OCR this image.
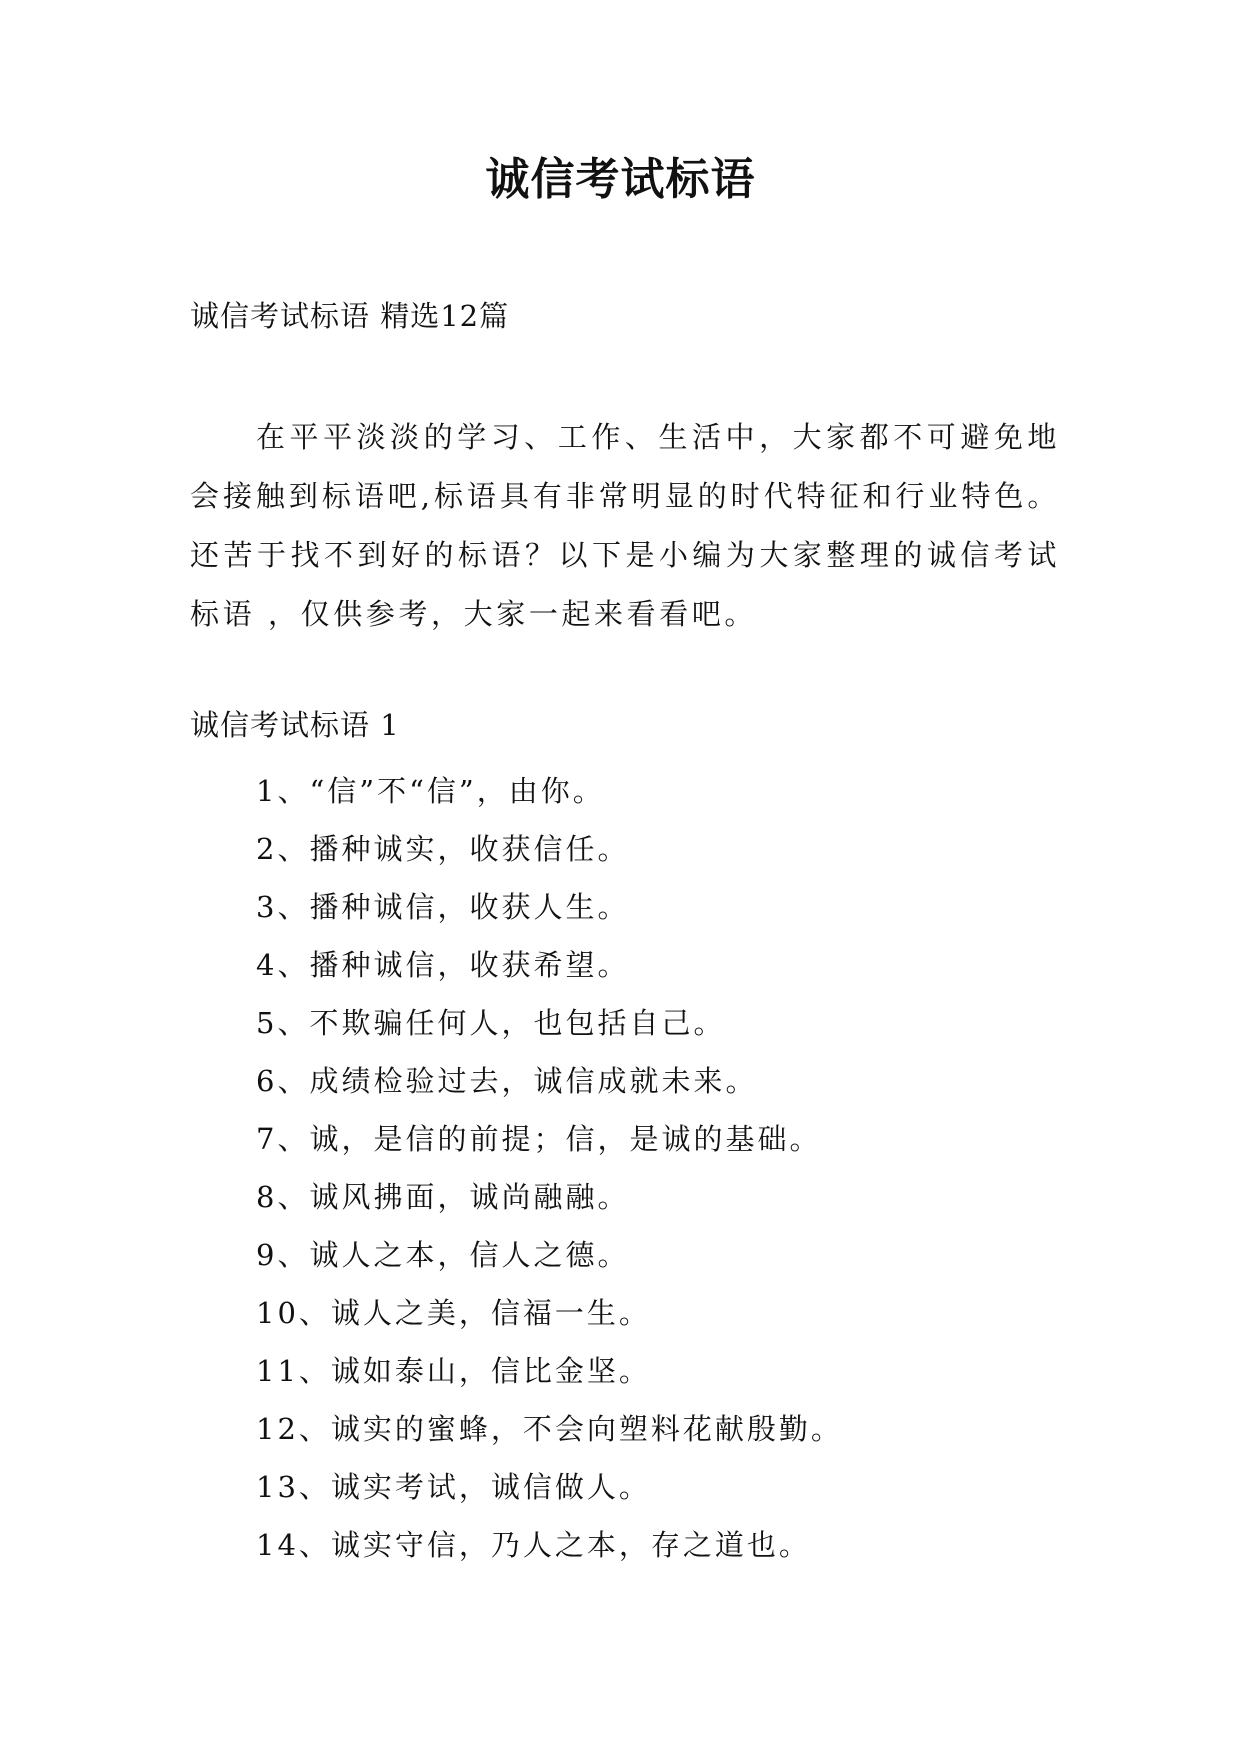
诚信考试标语
诚信考试标语 精选12篇

在平平淡淡的学习、工作、生活中，大家都不可避免地会接触到标语吧,标语具有非常明显的时代特征和行业特色。还苦于找不到好的标语？以下是小编为大家整理的诚信考试标语 ，仅供参考，大家一起来看看吧。

诚信考试标语 1
1、“信”不“信”，由你。
2、播种诚实，收获信任。
3、播种诚信，收获人生。
4、播种诚信，收获希望。
5、不欺骗任何人，也包括自己。
6、成绩检验过去，诚信成就未来。
7、诚，是信的前提；信，是诚的基础。
8、诚风拂面，诚尚融融。
9、诚人之本，信人之德。
10、诚人之美，信福一生。
11、诚如泰山，信比金坚。
12、诚实的蜜蜂，不会向塑料花献殷勤。
13、诚实考试，诚信做人。
14、诚实守信，乃人之本，存之道也。
